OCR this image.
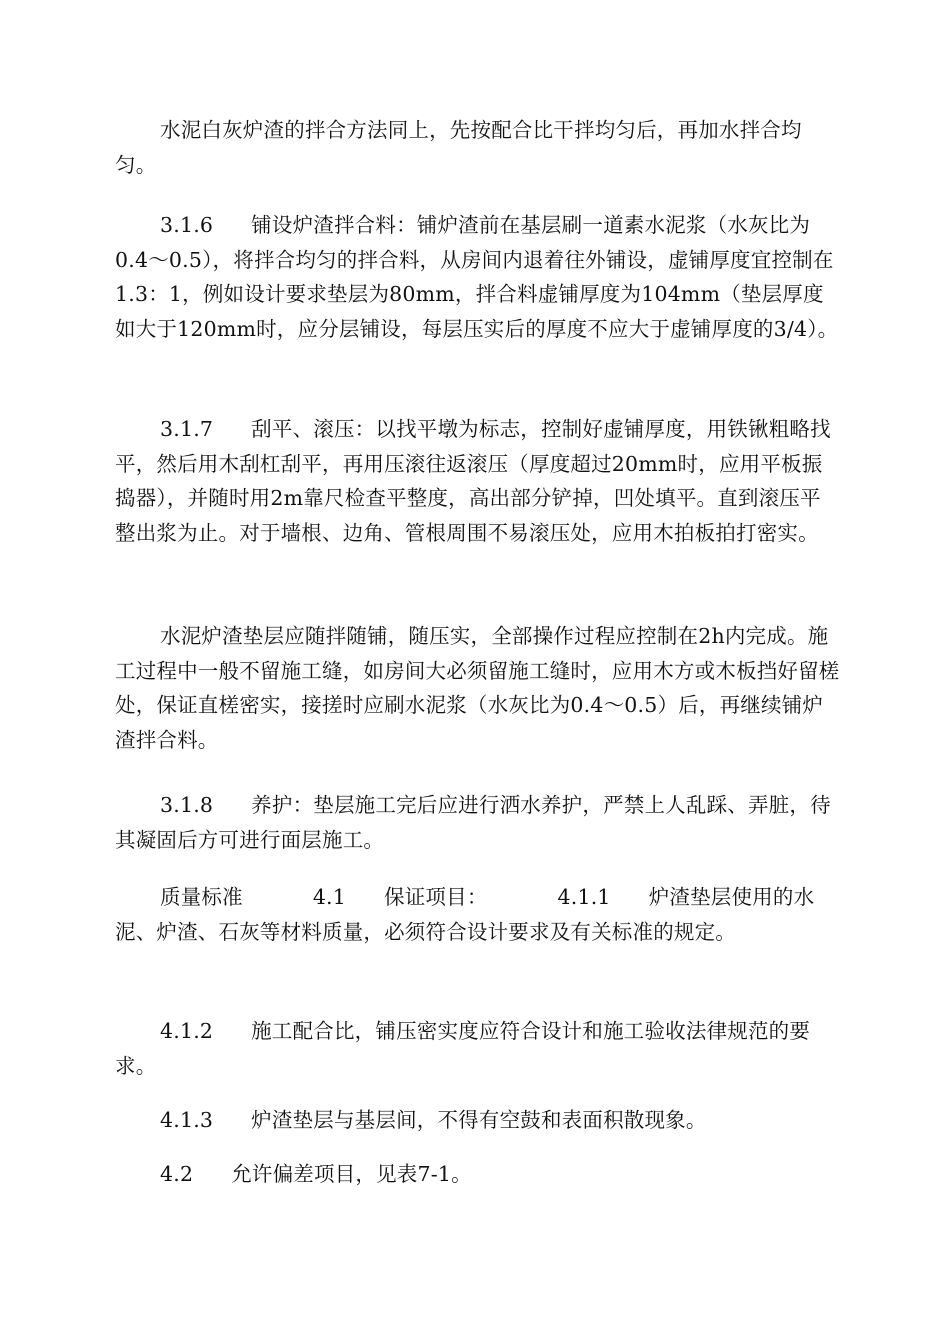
水泥白灰炉渣的拌合方法同上，先按配合比干拌均匀后，再加水拌合均匀。

3.1.6 铺设炉渣拌合料：铺炉渣前在基层刷一道素水泥浆（水灰比为0.4～0.5），将拌合均匀的拌合料，从房间内退着往外铺设，虚铺厚度宜控制在1.3：1，例如设计要求垫层为80mm，拌合料虚铺厚度为104mm（垫层厚度如大于120mm时，应分层铺设，每层压实后的厚度不应大于虚铺厚度的3/4）。

3.1.7 刮平、滚压：以找平墩为标志，控制好虚铺厚度，用铁锹粗略找平，然后用木刮杠刮平，再用压滚往返滚压（厚度超过20mm时，应用平板振捣器），并随时用2m靠尺检查平整度，高出部分铲掉，凹处填平。直到滚压平整出浆为止。对于墙根、边角、管根周围不易滚压处，应用木拍板拍打密实。

水泥炉渣垫层应随拌随铺，随压实，全部操作过程应控制在2h内完成。施工过程中一般不留施工缝，如房间大必须留施工缝时，应用木方或木板挡好留槎处，保证直槎密实，接搓时应刷水泥浆（水灰比为0.4～0.5）后，再继续铺炉渣拌合料。

3.1.8 养护：垫层施工完后应进行洒水养护，严禁上人乱踩、弄脏，待其凝固后方可进行面层施工。

质量标准	4.1 保证项目：	4.1.1 炉渣垫层使用的水泥、炉渣、石灰等材料质量，必须符合设计要求及有关标准的规定。

4.1.2 施工配合比，铺压密实度应符合设计和施工验收法律规范的要求。

4.1.3 炉渣垫层与基层间，不得有空鼓和表面积散现象。

4.2 允许偏差项目，见表7-1。
